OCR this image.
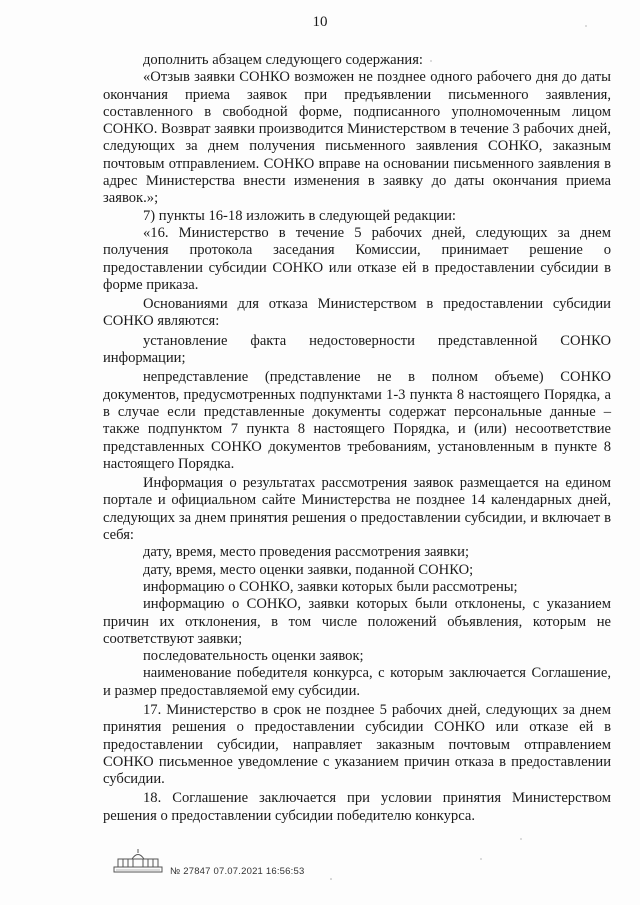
10

дополнить абзацем следующего содержания:

«Отзыв заявки СОНКО возможен не позднее одного рабочего дня до даты окончания приема заявок при предъявлении письменного заявления, составленного в свободной форме, подписанного уполномоченным лицом СОНКО. Возврат заявки производится Министерством в течение 3 рабочих дней, следующих за днем получения письменного заявления СОНКО, заказным почтовым отправлением. СОНКО вправе на основании письменного заявления в адрес Министерства внести изменения в заявку до даты окончания приема заявок.»;

7) пункты 16-18 изложить в следующей редакции:

«16. Министерство в течение 5 рабочих дней, следующих за днем получения протокола заседания Комиссии, принимает решение о предоставлении субсидии СОНКО или отказе ей в предоставлении субсидии в форме приказа.

Основаниями для отказа Министерством в предоставлении субсидии СОНКО являются:

установление факта недостоверности представленной СОНКО информации;

непредставление (представление не в полном объеме) СОНКО документов, предусмотренных подпунктами 1-3 пункта 8 настоящего Порядка, а в случае если представленные документы содержат персональные данные – также подпунктом 7 пункта 8 настоящего Порядка, и (или) несоответствие представленных СОНКО документов требованиям, установленным в пункте 8 настоящего Порядка.

Информация о результатах рассмотрения заявок размещается на едином портале и официальном сайте Министерства не позднее 14 календарных дней, следующих за днем принятия решения о предоставлении субсидии, и включает в себя:

дату, время, место проведения рассмотрения заявки;

дату, время, место оценки заявки, поданной СОНКО;

информацию о СОНКО, заявки которых были рассмотрены;

информацию о СОНКО, заявки которых были отклонены, с указанием причин их отклонения, в том числе положений объявления, которым не соответствуют заявки;

последовательность оценки заявок;

наименование победителя конкурса, с которым заключается Соглашение, и размер предоставляемой ему субсидии.

17. Министерство в срок не позднее 5 рабочих дней, следующих за днем принятия решения о предоставлении субсидии СОНКО или отказе ей в предоставлении субсидии, направляет заказным почтовым отправлением СОНКО письменное уведомление с указанием причин отказа в предоставлении субсидии.

18. Соглашение заключается при условии принятия Министерством решения о предоставлении субсидии победителю конкурса.

№ 27847 07.07.2021 16:56:53
